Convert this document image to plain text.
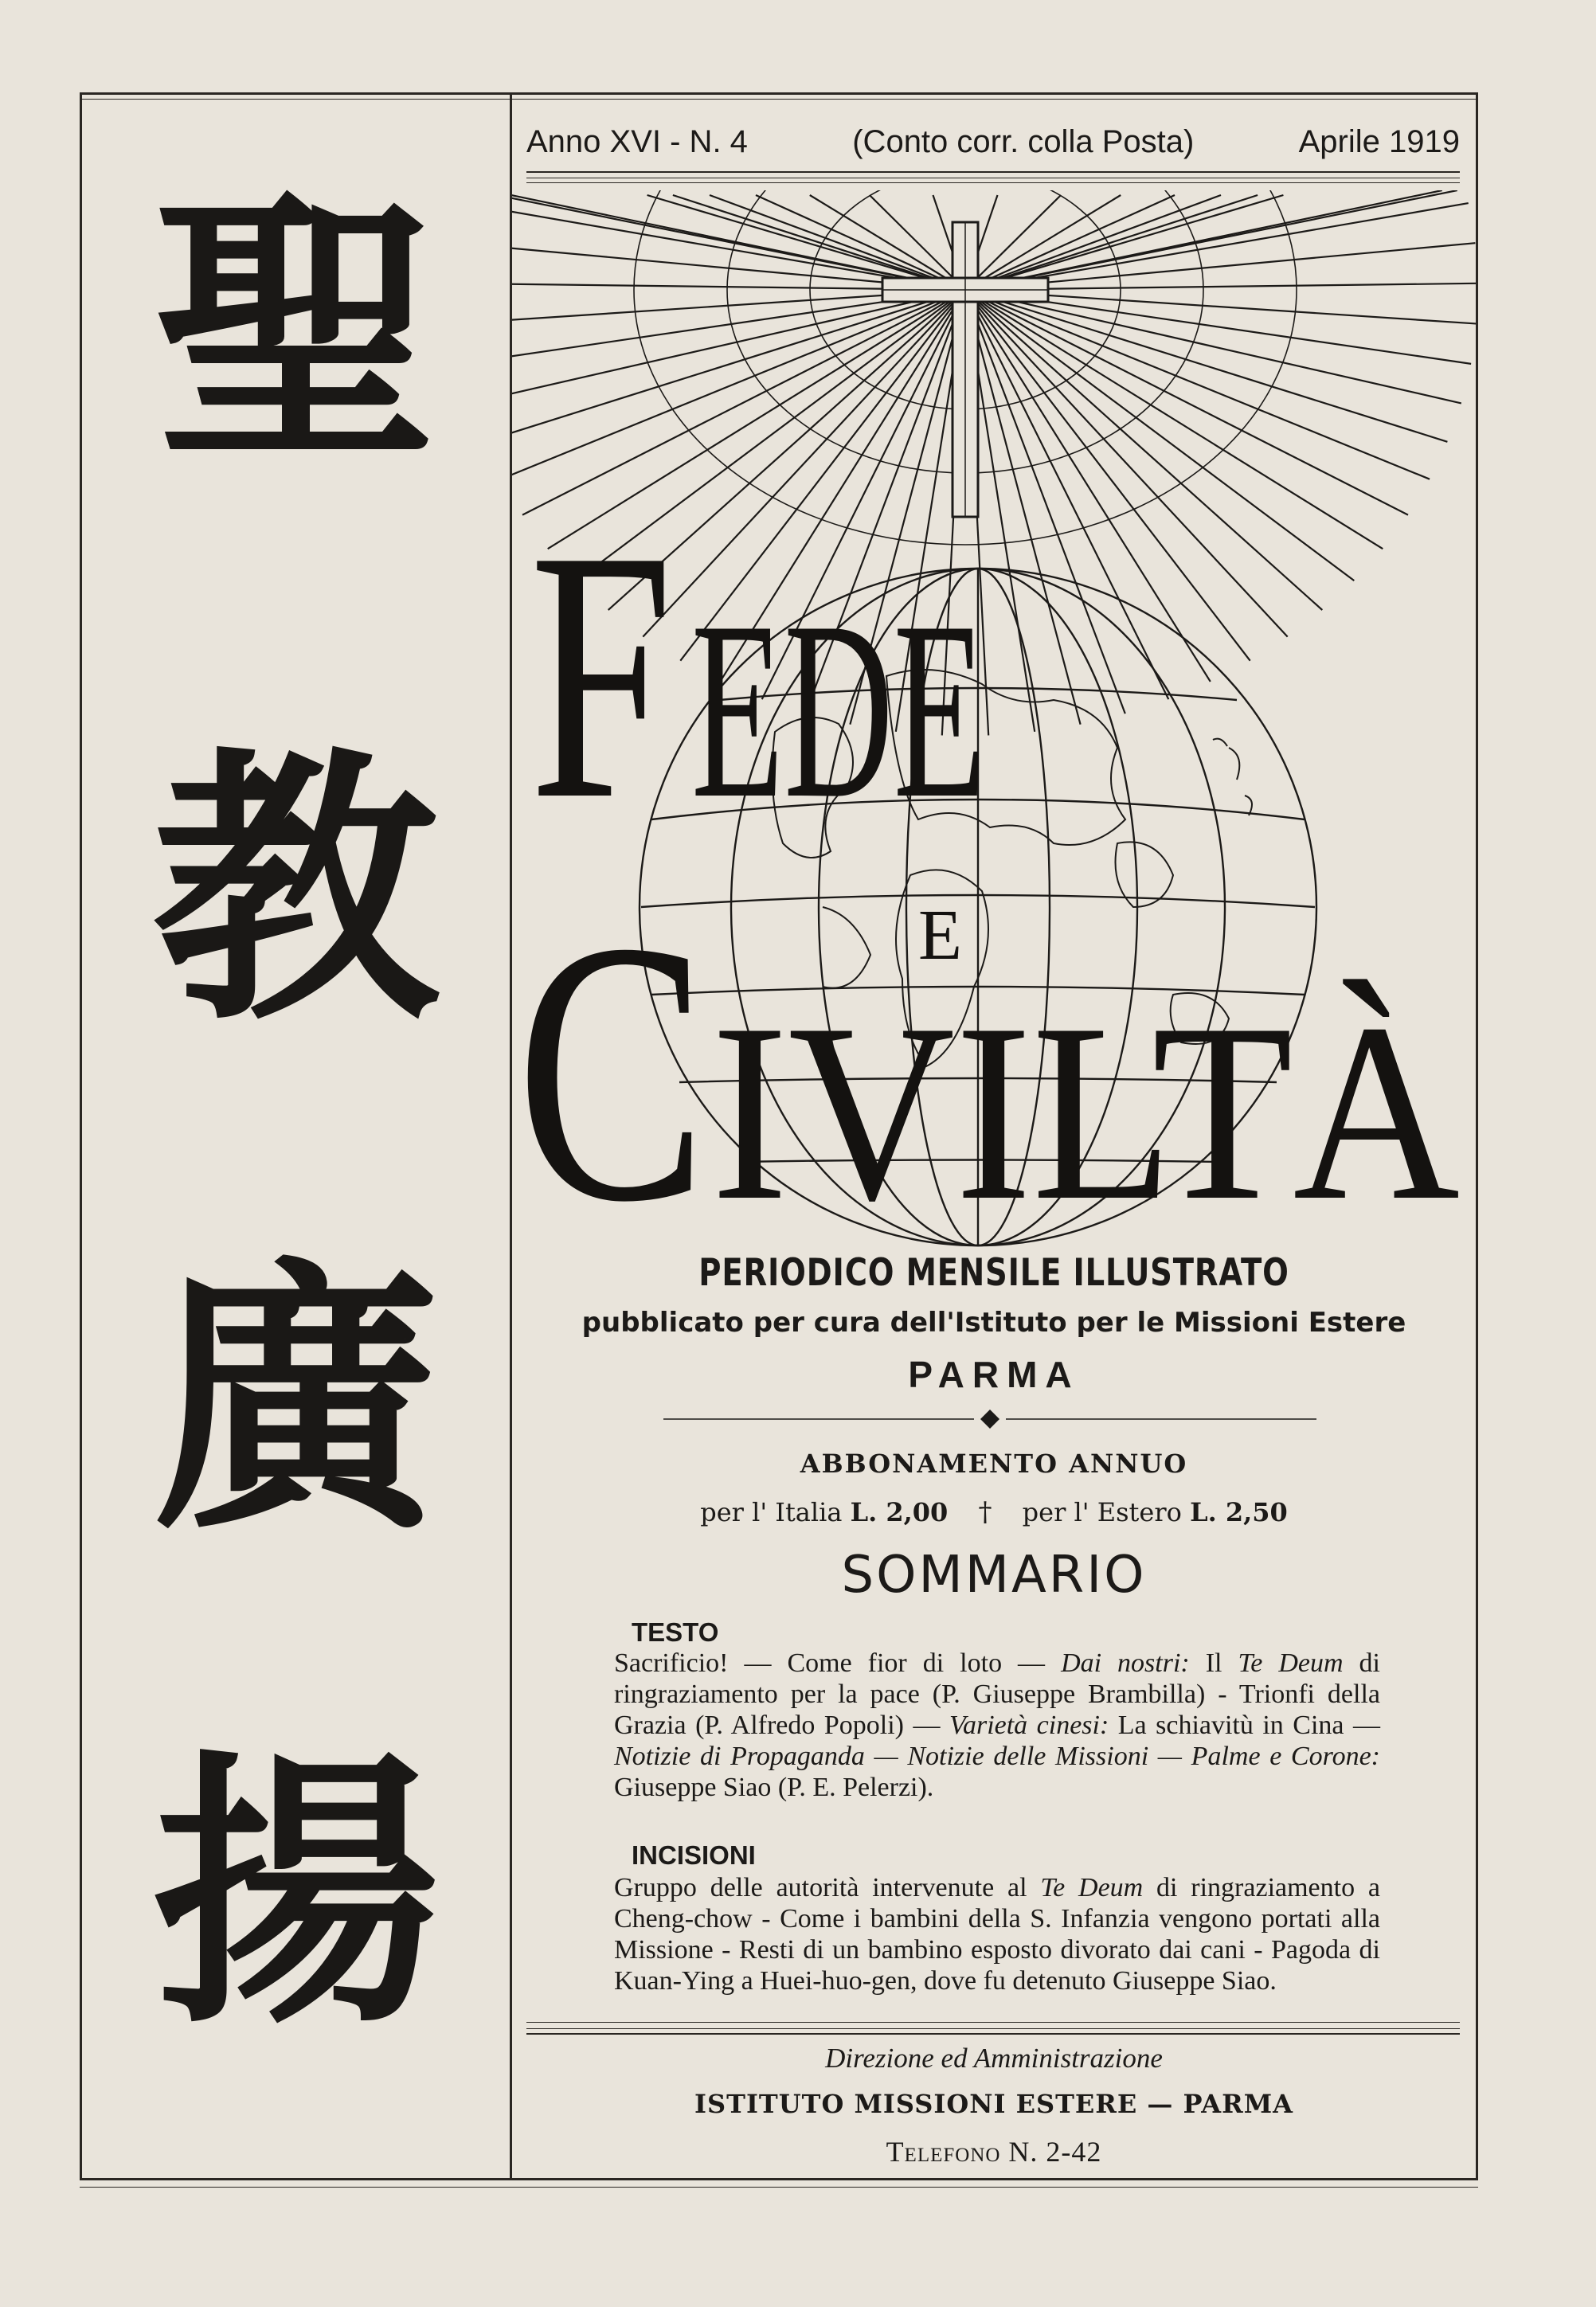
聖
教
廣
揚
Anno XVI - N. 4	(Conto corr. colla Posta)	Aprile 1919
F EDE
E
C IVILTÀ
PERIODICO MENSILE ILLUSTRATO
pubblicato per cura dell'Istituto per le Missioni Estere
PARMA
ABBONAMENTO ANNUO
per l' Italia L. 2,00 † per l' Estero L. 2,50
SOMMARIO
TESTO
Sacrificio! — Come fior di loto — Dai nostri: Il Te Deum di ringraziamento per la pace (P. Giuseppe Brambilla) - Trionfi della Grazia (P. Alfredo Popoli) — Varietà cinesi: La schiavitù in Cina — Notizie di Propaganda — Notizie delle Missioni — Palme e Corone: Giuseppe Siao (P. E. Pelerzi).
INCISIONI
Gruppo delle autorità intervenute al Te Deum di ringraziamento a Cheng-chow - Come i bambini della S. Infanzia vengono portati alla Missione - Resti di un bambino esposto divorato dai cani - Pagoda di Kuan-Ying a Huei-huo-gen, dove fu detenuto Giuseppe Siao.
Direzione ed Amministrazione
ISTITUTO MISSIONI ESTERE — PARMA
Telefono N. 2-42
